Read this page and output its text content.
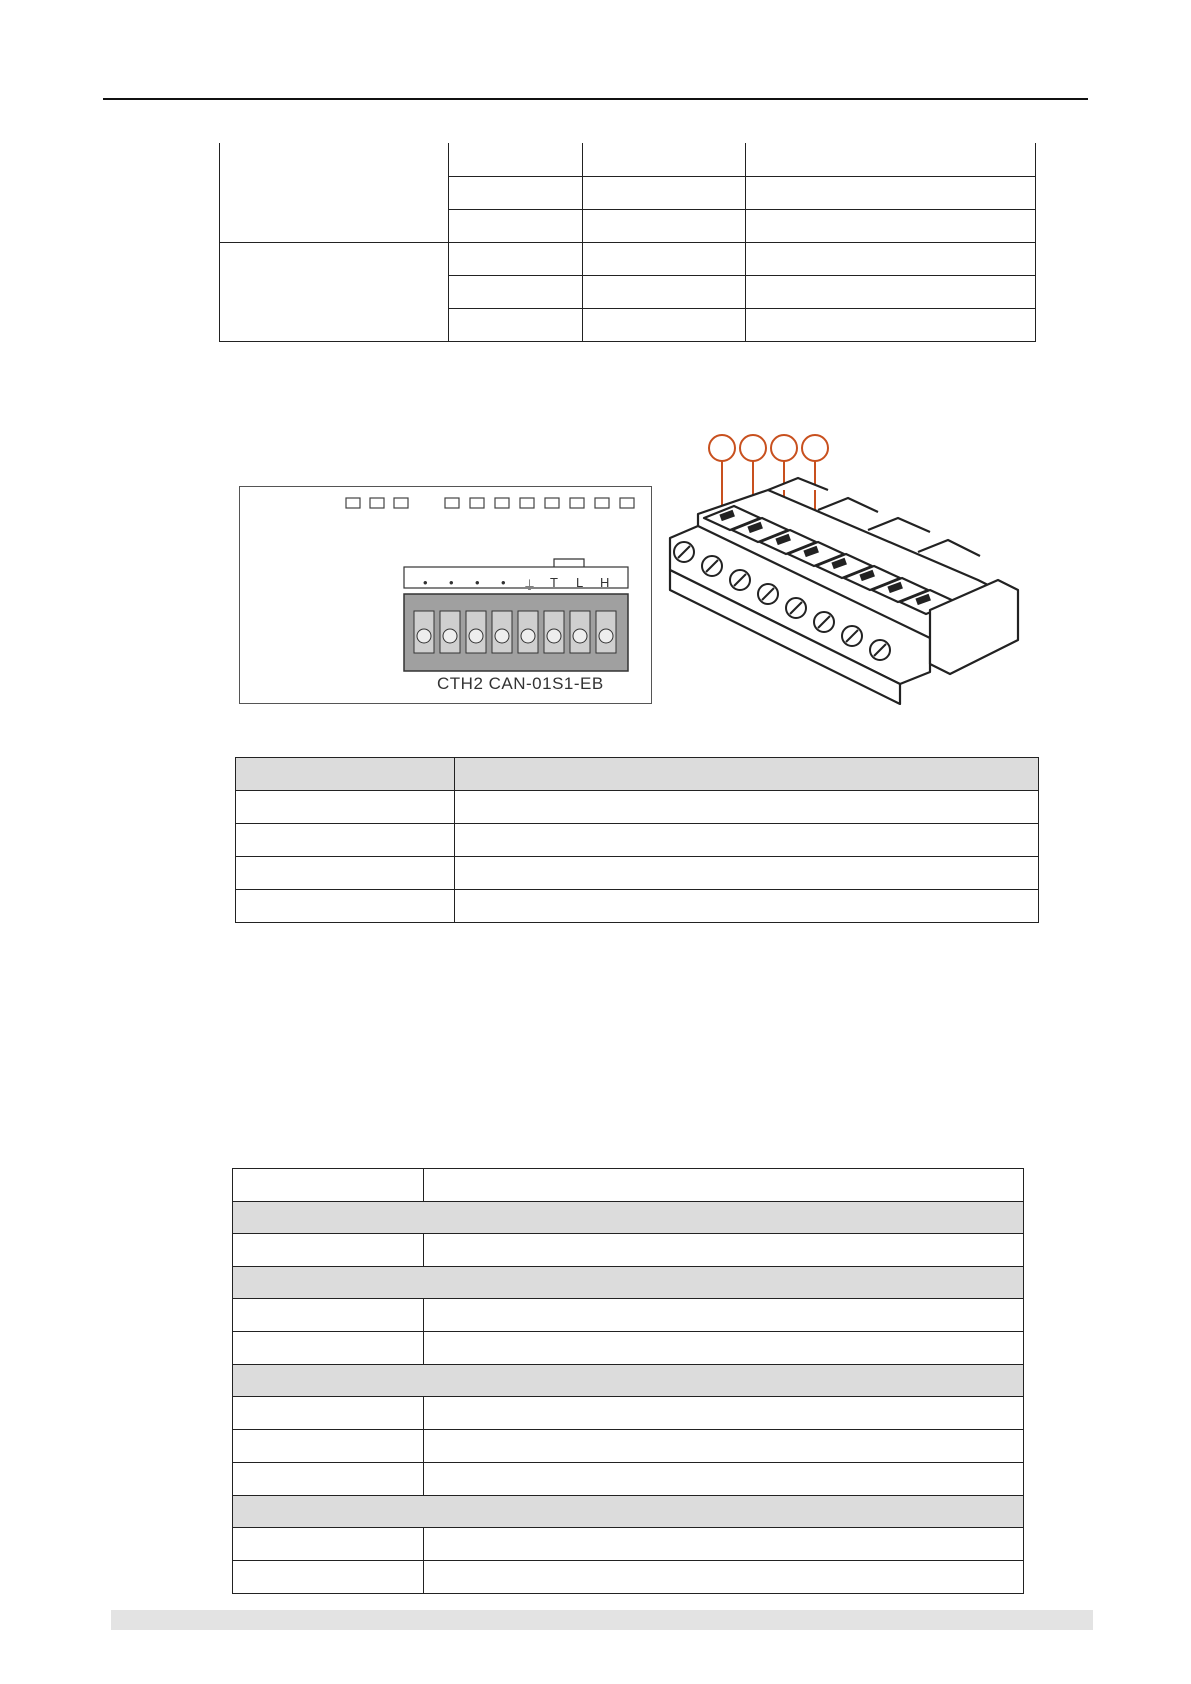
• • • • ⏚ T L H
CTH2 CAN-01S1-EB
